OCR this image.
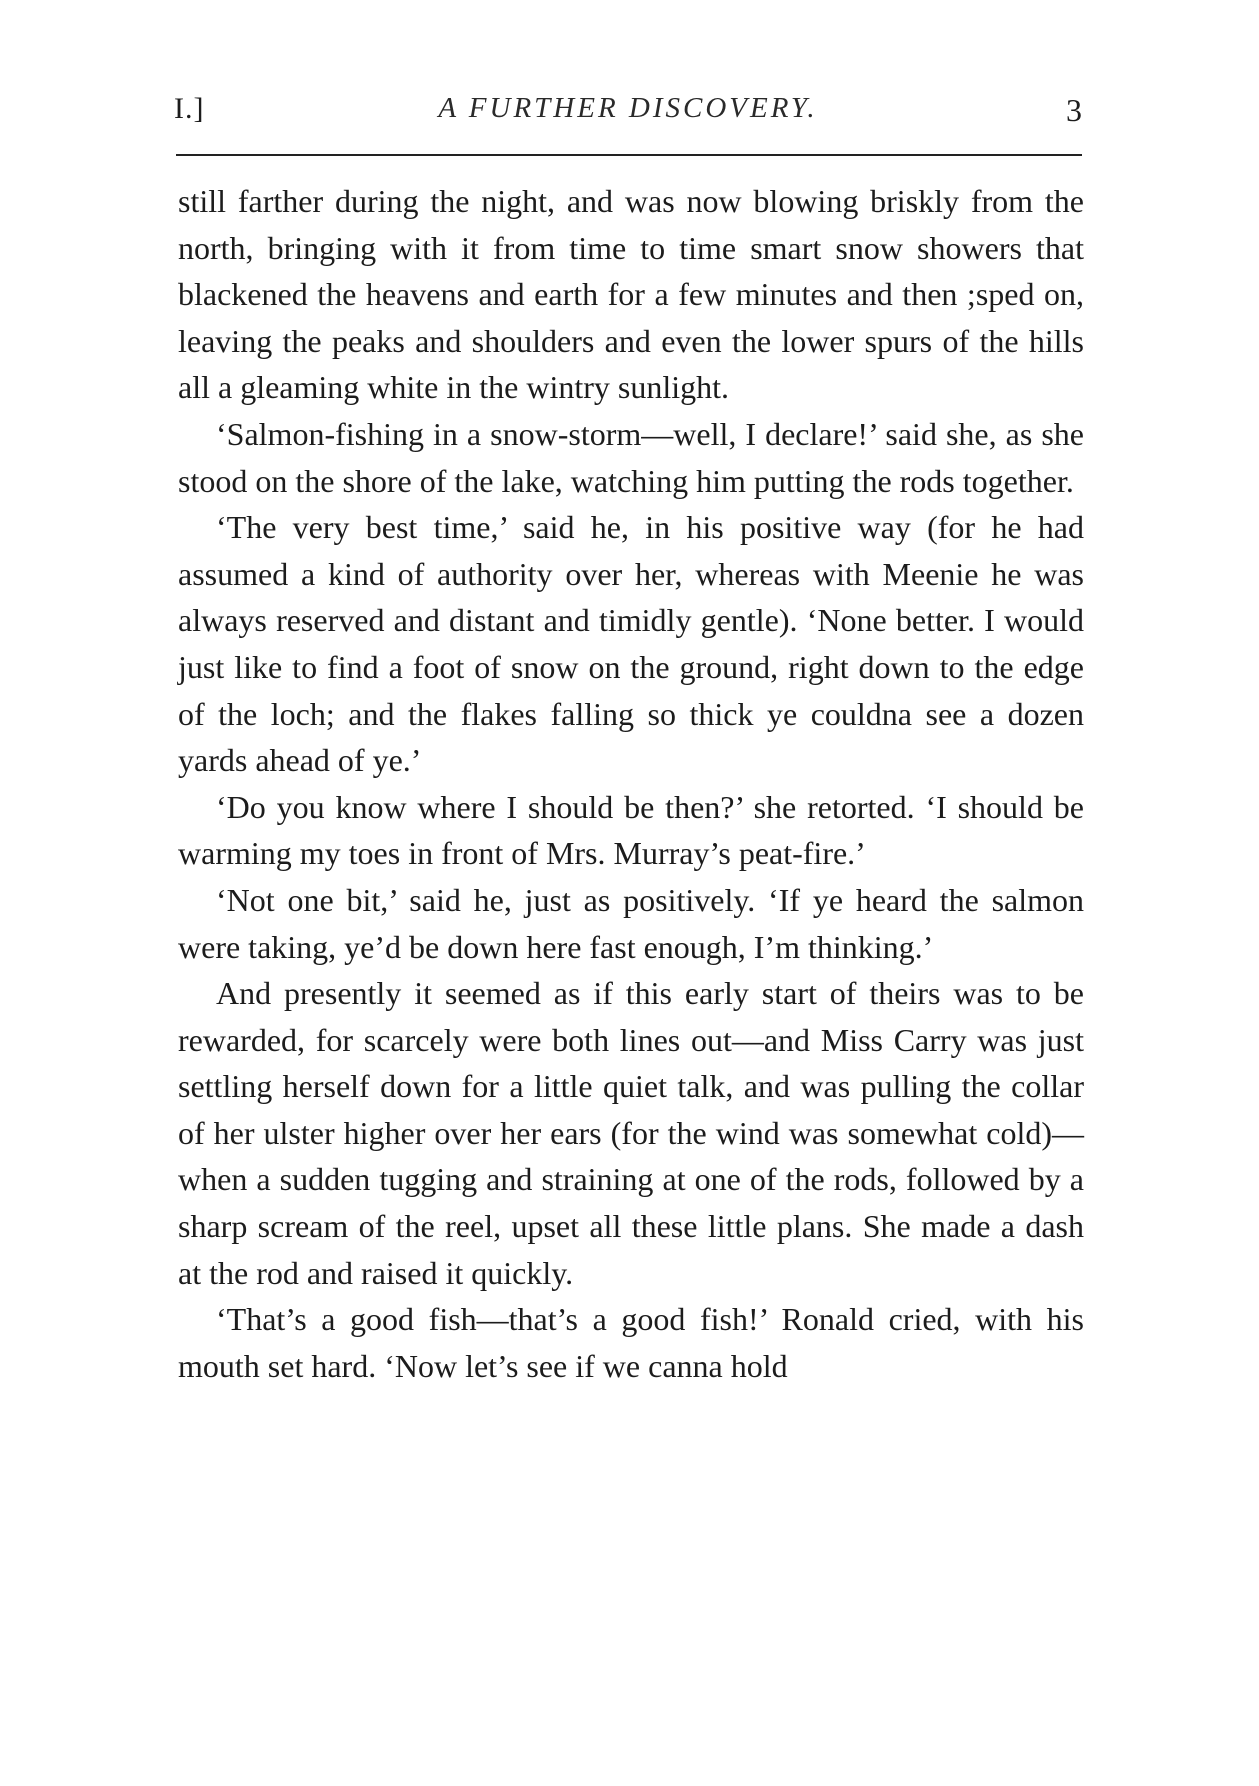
I.]	A FURTHER DISCOVERY.	3

still farther during the night, and was now blowing briskly from the north, bringing with it from time to time smart snow showers that blackened the heavens and earth for a few minutes and then ;sped on, leaving the peaks and shoulders and even the lower spurs of the hills all a gleaming white in the wintry sunlight.

‘Salmon-fishing in a snow-storm—well, I declare!’ said she, as she stood on the shore of the lake, watching him putting the rods together.

‘The very best time,’ said he, in his positive way (for he had assumed a kind of authority over her, whereas with Meenie he was always reserved and distant and timidly gentle). ‘None better. I would just like to find a foot of snow on the ground, right down to the edge of the loch; and the flakes falling so thick ye couldna see a dozen yards ahead of ye.’

‘Do you know where I should be then?’ she retorted. ‘I should be warming my toes in front of Mrs. Murray’s peat-fire.’

‘Not one bit,’ said he, just as positively. ‘If ye heard the salmon were taking, ye’d be down here fast enough, I’m thinking.’

And presently it seemed as if this early start of theirs was to be rewarded, for scarcely were both lines out—and Miss Carry was just settling herself down for a little quiet talk, and was pulling the collar of her ulster higher over her ears (for the wind was somewhat cold)—when a sudden tugging and straining at one of the rods, followed by a sharp scream of the reel, upset all these little plans. She made a dash at the rod and raised it quickly.

‘That’s a good fish—that’s a good fish!’ Ronald cried, with his mouth set hard. ‘Now let’s see if we canna hold
